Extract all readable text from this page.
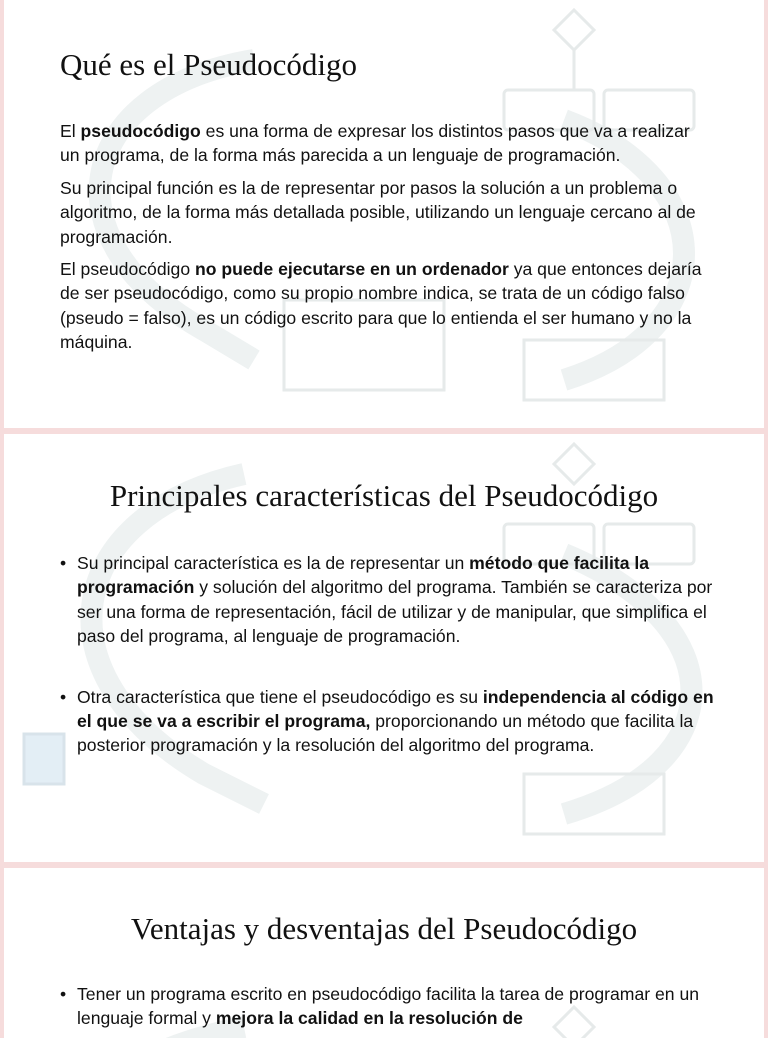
Qué es el Pseudocódigo

El pseudocódigo es una forma de expresar los distintos pasos que va a realizar un programa, de la forma más parecida a un lenguaje de programación.

Su principal función es la de representar por pasos la solución a un problema o algoritmo, de la forma más detallada posible, utilizando un lenguaje cercano al de programación.

El pseudocódigo no puede ejecutarse en un ordenador ya que entonces dejaría de ser pseudocódigo, como su propio nombre indica, se trata de un código falso (pseudo = falso), es un código escrito para que lo entienda el ser humano y no la máquina.

Principales características del Pseudocódigo
• Su principal característica es la de representar un método que facilita la programación y solución del algoritmo del programa. También se caracteriza por ser una forma de representación, fácil de utilizar y de manipular, que simplifica el paso del programa, al lenguaje de programación.
• Otra característica que tiene el pseudocódigo es su independencia al código en el que se va a escribir el programa, proporcionando un método que facilita la posterior programación y la resolución del algoritmo del programa.
Ventajas y desventajas del Pseudocódigo
• Tener un programa escrito en pseudocódigo facilita la tarea de programar en un lenguaje formal y mejora la calidad en la resolución de
